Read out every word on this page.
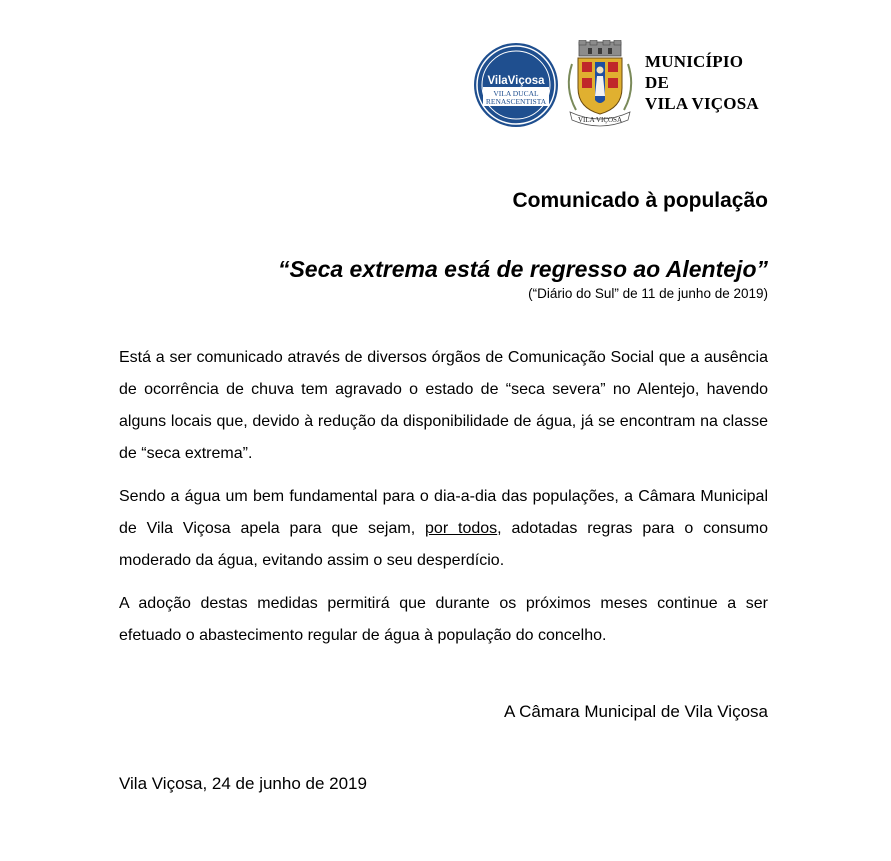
VilaViçosa
VILA DUCAL
RENASCENTISTA
VILA VIÇOSA
MUNICÍPIO
DE
VILA VIÇOSA
Comunicado à população
“Seca extrema está de regresso ao Alentejo”
(“Diário do Sul” de 11 de junho de 2019)

Está a ser comunicado através de diversos órgãos de Comunicação Social que a ausência de ocorrência de chuva tem agravado o estado de “seca severa” no Alentejo, havendo alguns locais que, devido à redução da disponibilidade de água, já se encontram na classe de “seca extrema”.

Sendo a água um bem fundamental para o dia-a-dia das populações, a Câmara Municipal de Vila Viçosa apela para que sejam, por todos, adotadas regras para o consumo moderado da água, evitando assim o seu desperdício.

A adoção destas medidas permitirá que durante os próximos meses continue a ser efetuado o abastecimento regular de água à população do concelho.

A Câmara Municipal de Vila Viçosa
Vila Viçosa, 24 de junho de 2019
